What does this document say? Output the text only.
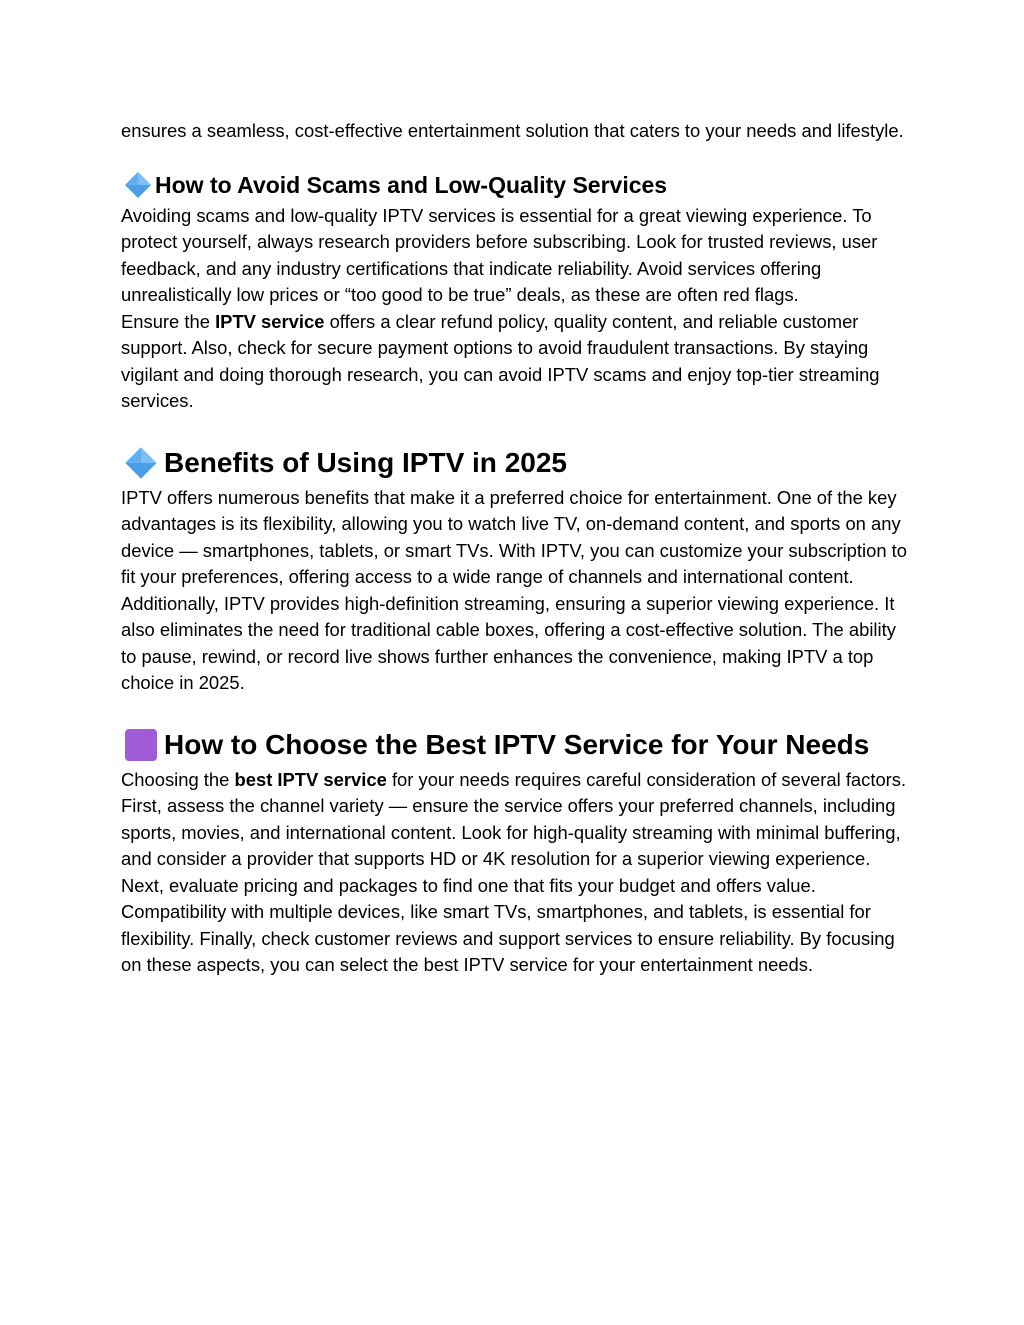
ensures a seamless, cost-effective entertainment solution that caters to your needs and lifestyle.

How to Avoid Scams and Low-Quality Services

Avoiding scams and low-quality IPTV services is essential for a great viewing experience. To protect yourself, always research providers before subscribing. Look for trusted reviews, user feedback, and any industry certifications that indicate reliability. Avoid services offering unrealistically low prices or “too good to be true” deals, as these are often red flags.

Ensure the IPTV service offers a clear refund policy, quality content, and reliable customer support. Also, check for secure payment options to avoid fraudulent transactions. By staying vigilant and doing thorough research, you can avoid IPTV scams and enjoy top-tier streaming services.

Benefits of Using IPTV in 2025

IPTV offers numerous benefits that make it a preferred choice for entertainment. One of the key advantages is its flexibility, allowing you to watch live TV, on-demand content, and sports on any device — smartphones, tablets, or smart TVs. With IPTV, you can customize your subscription to fit your preferences, offering access to a wide range of channels and international content.

Additionally, IPTV provides high-definition streaming, ensuring a superior viewing experience. It also eliminates the need for traditional cable boxes, offering a cost-effective solution. The ability to pause, rewind, or record live shows further enhances the convenience, making IPTV a top choice in 2025.

How to Choose the Best IPTV Service for Your Needs

Choosing the best IPTV service for your needs requires careful consideration of several factors. First, assess the channel variety — ensure the service offers your preferred channels, including sports, movies, and international content. Look for high-quality streaming with minimal buffering, and consider a provider that supports HD or 4K resolution for a superior viewing experience.

Next, evaluate pricing and packages to find one that fits your budget and offers value. Compatibility with multiple devices, like smart TVs, smartphones, and tablets, is essential for flexibility. Finally, check customer reviews and support services to ensure reliability. By focusing on these aspects, you can select the best IPTV service for your entertainment needs.
